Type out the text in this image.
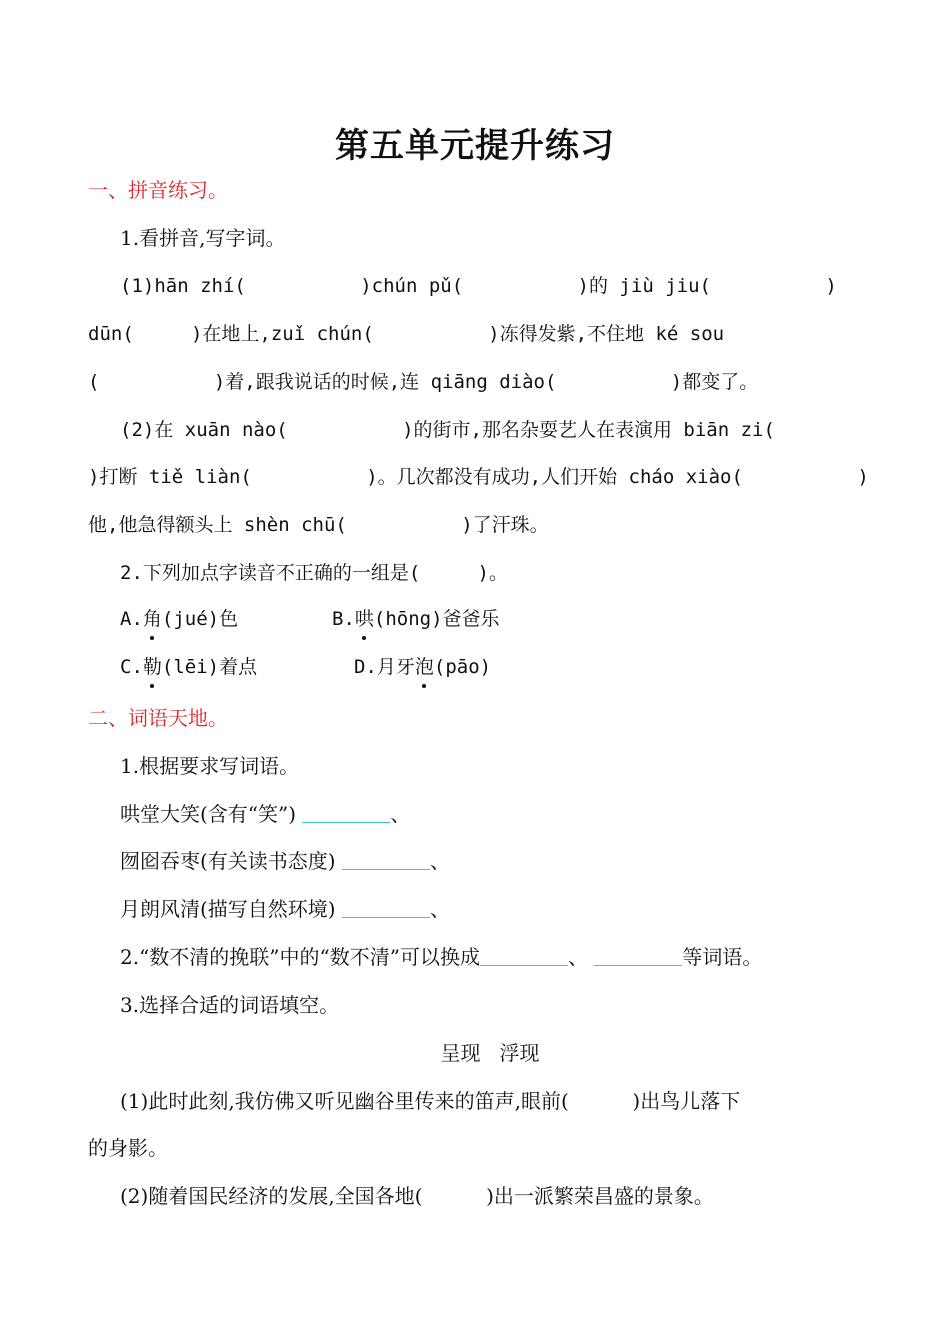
第五单元提升练习
一、拼音练习。
1.看拼音,写字词。
(1)hān zhí(          )chún pǔ(          )的 jiù jiu(          )
dūn(     )在地上,zuǐ chún(          )冻得发紫,不住地 ké sou
(          )着,跟我说话的时候,连 qiāng diào(          )都变了。
(2)在 xuān nào(          )的街市,那名杂耍艺人在表演用 biān zi(
)打断 tiě liàn(          )。几次都没有成功,人们开始 cháo xiào(          )
他,他急得额头上 shèn chū(          )了汗珠。
2.下列加点字读音不正确的一组是(     )。
A.角(jué)色	B.哄(hōng)爸爸乐
C.勒(lēi)着点	D.月牙泡(pāo)
二、词语天地。
1.根据要求写词语。
哄堂大笑(含有“笑”)	、
囫囵吞枣(有关读书态度)	、
月朗风清(描写自然环境)	、
2.“数不清的挽联”中的“数不清”可以换成	、	等词语。
3.选择合适的词语填空。
呈现   浮现
(1)此时此刻,我仿佛又听见幽谷里传来的笛声,眼前(          )出鸟儿落下
的身影。
(2)随着国民经济的发展,全国各地(          )出一派繁荣昌盛的景象。
